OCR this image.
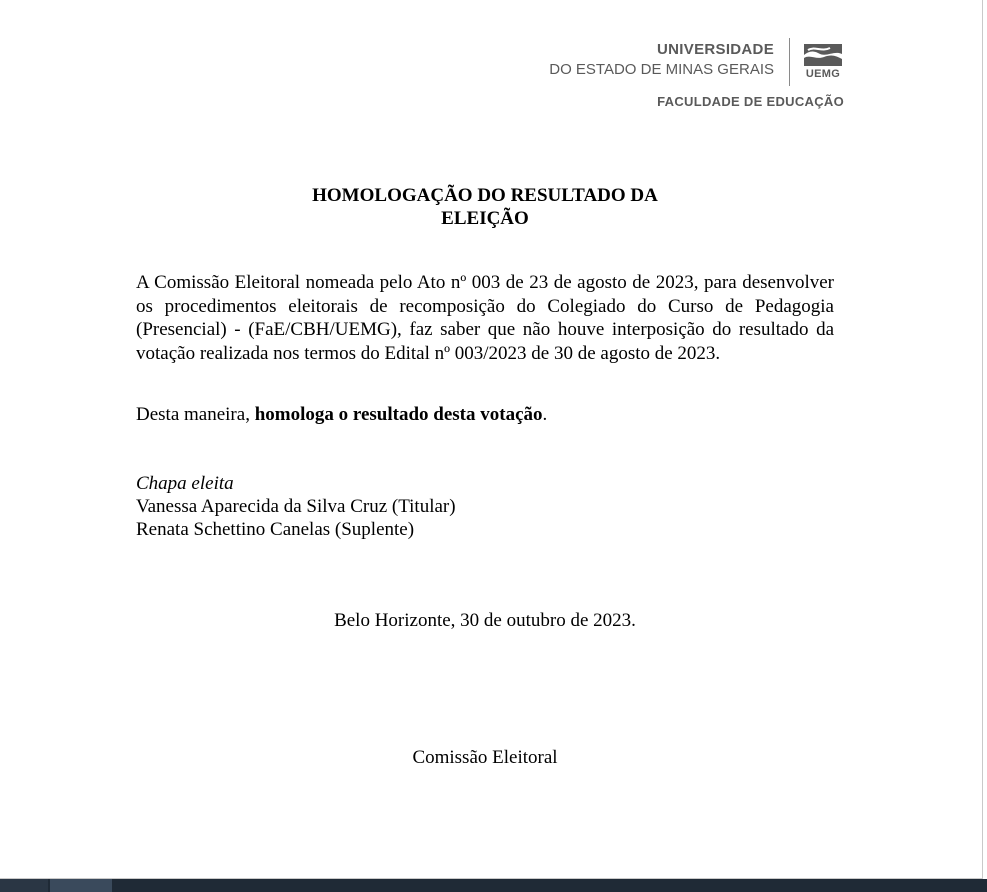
UNIVERSIDADE
DO ESTADO DE MINAS GERAIS	UEMG
FACULDADE DE EDUCAÇÃO
HOMOLOGAÇÃO DO RESULTADO DA
ELEIÇÃO
A Comissão Eleitoral nomeada pelo Ato nº 003 de 23 de agosto de 2023, para desenvolver os procedimentos eleitorais de recomposição do Colegiado do Curso de Pedagogia (Presencial) - (FaE/CBH/UEMG), faz saber que não houve interposição do resultado da votação realizada nos termos do Edital nº 003/2023 de 30 de agosto de 2023.
Desta maneira, homologa o resultado desta votação.
Chapa eleita
Vanessa Aparecida da Silva Cruz (Titular)
Renata Schettino Canelas (Suplente)
Belo Horizonte, 30 de outubro de 2023.
Comissão Eleitoral
